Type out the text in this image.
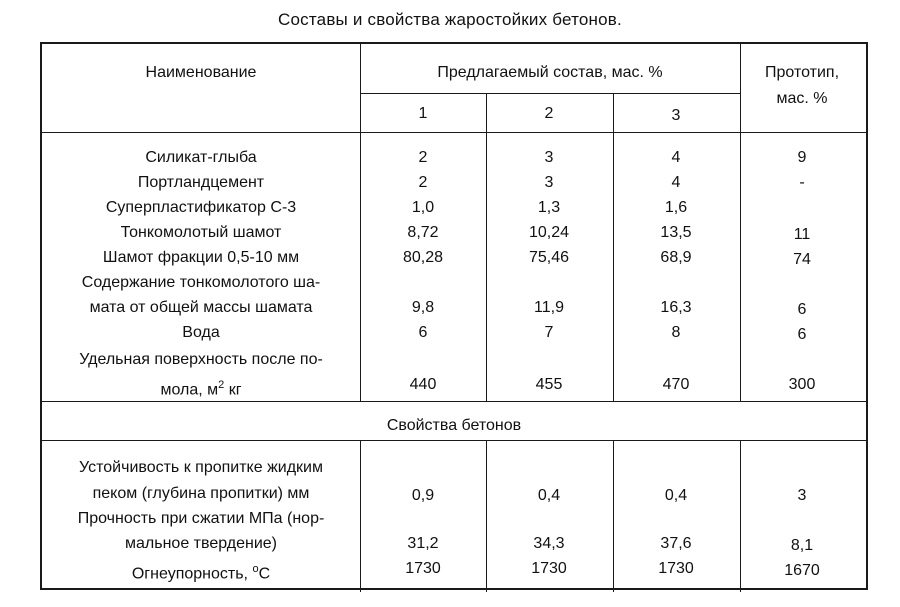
Составы и свойства жаростойких бетонов.
Наименование	Предлагаемый состав, мас. %	Прототип,
мас. %
1	2	3
Силикат-глыба	2	3	4	9
Портландцемент	2	3	4	-
Суперпластификатор С-3	1,0	1,3	1,6
Тонкомолотый шамот	8,72	10,24	13,5	11
Шамот фракции 0,5-10 мм	80,28	75,46	68,9	74
Содержание тонкомолотого ша-
мата от общей массы шамата	9,8	11,9	16,3	6
Вода	6	7	8	6
Удельная поверхность после по-
мола, $м^2$ кг	440	455	470	300
Свойства бетонов
Устойчивость к пропитке жидким
пеком (глубина пропитки) мм	0,9	0,4	0,4	3
Прочность при сжатии МПа (нор-
мальное твердение)	31,2	34,3	37,6	8,1
Огнеупорность, $^о$С	1730	1730	1730	1670
